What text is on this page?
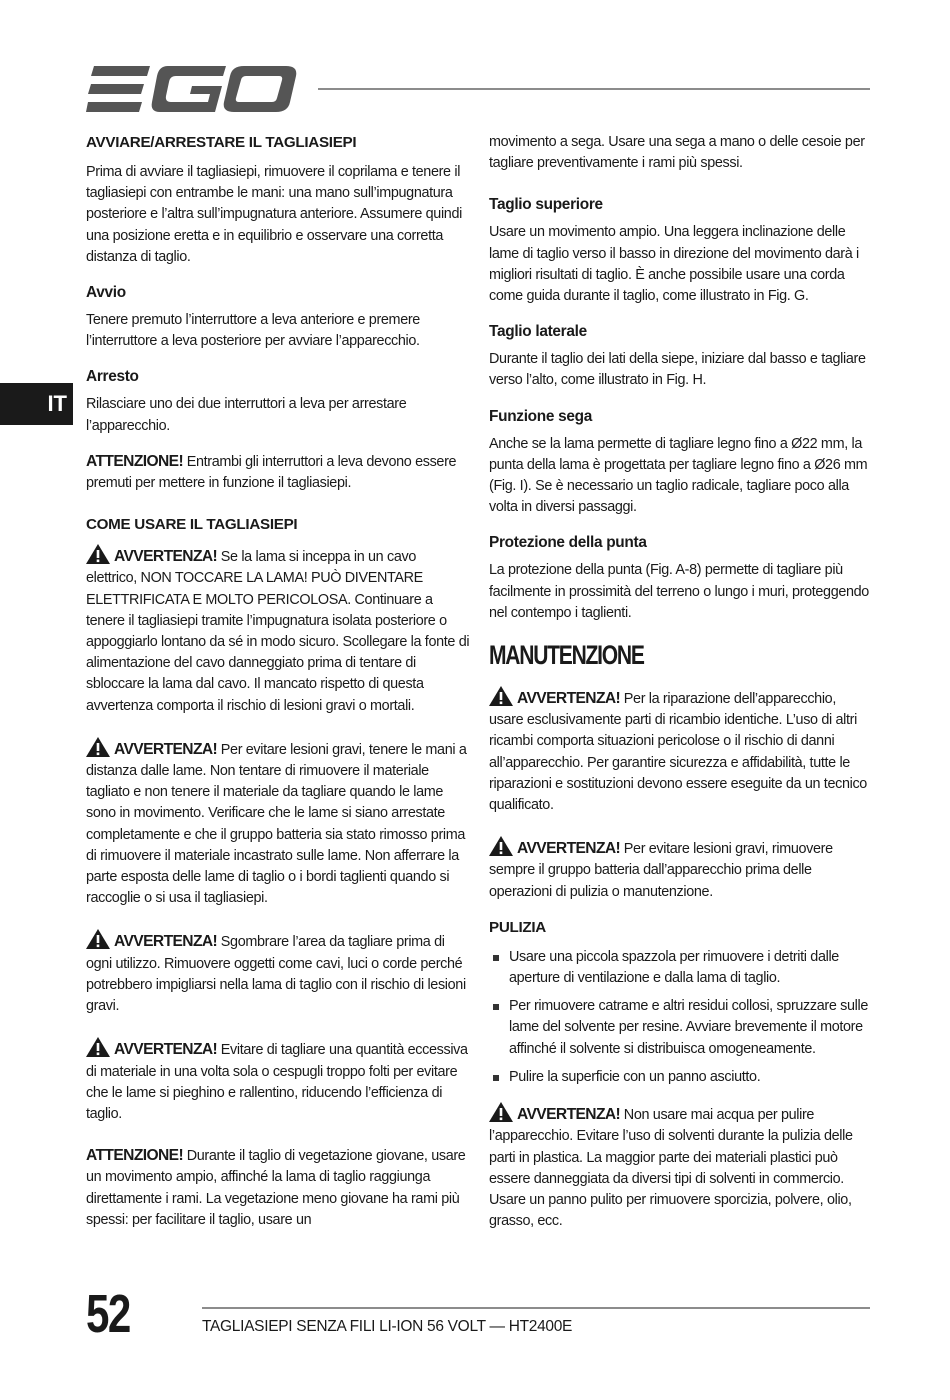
IT
AVVIARE/ARRESTARE IL TAGLIASIEPI

Prima di avviare il tagliasiepi, rimuovere il coprilama e tenere il tagliasiepi con entrambe le mani: una mano sull’impugnatura posteriore e l’altra sull’impugnatura anteriore. Assumere quindi una posizione eretta e in equilibrio e osservare una corretta distanza di taglio.

Avvio

Tenere premuto l’interruttore a leva anteriore e premere l’interruttore a leva posteriore per avviare l’apparecchio.

Arresto

Rilasciare uno dei due interruttori a leva per arrestare l’apparecchio.

ATTENZIONE! Entrambi gli interruttori a leva devono essere premuti per mettere in funzione il tagliasiepi.

COME USARE IL TAGLIASIEPI

AVVERTENZA! Se la lama si inceppa in un cavo elettrico, NON TOCCARE LA LAMA! PUÒ DIVENTARE ELETTRIFICATA E MOLTO PERICOLOSA. Continuare a tenere il tagliasiepi tramite l’impugnatura isolata posteriore o appoggiarlo lontano da sé in modo sicuro. Scollegare la fonte di alimentazione del cavo danneggiato prima di tentare di sbloccare la lama dal cavo. Il mancato rispetto di questa avvertenza comporta il rischio di lesioni gravi o mortali.

AVVERTENZA! Per evitare lesioni gravi, tenere le mani a distanza dalle lame. Non tentare di rimuovere il materiale tagliato e non tenere il materiale da tagliare quando le lame sono in movimento. Verificare che le lame si siano arrestate completamente e che il gruppo batteria sia stato rimosso prima di rimuovere il materiale incastrato sulle lame. Non afferrare la parte esposta delle lame di taglio o i bordi taglienti quando si raccoglie o si usa il tagliasiepi.

AVVERTENZA! Sgombrare l’area da tagliare prima di ogni utilizzo. Rimuovere oggetti come cavi, luci o corde perché potrebbero impigliarsi nella lama di taglio con il rischio di lesioni gravi.

AVVERTENZA! Evitare di tagliare una quantità eccessiva di materiale in una volta sola o cespugli troppo folti per evitare che le lame si pieghino e rallentino, riducendo l’efficienza di taglio.

ATTENZIONE! Durante il taglio di vegetazione giovane, usare un movimento ampio, affinché la lama di taglio raggiunga direttamente i rami. La vegetazione meno giovane ha rami più spessi: per facilitare il taglio, usare un

movimento a sega. Usare una sega a mano o delle cesoie per tagliare preventivamente i rami più spessi.

Taglio superiore

Usare un movimento ampio. Una leggera inclinazione delle lame di taglio verso il basso in direzione del movimento darà i migliori risultati di taglio. È anche possibile usare una corda come guida durante il taglio, come illustrato in Fig. G.

Taglio laterale

Durante il taglio dei lati della siepe, iniziare dal basso e tagliare verso l’alto, come illustrato in Fig. H.

Funzione sega

Anche se la lama permette di tagliare legno fino a Ø22 mm, la punta della lama è progettata per tagliare legno fino a Ø26 mm (Fig. I). Se è necessario un taglio radicale, tagliare poco alla volta in diversi passaggi.

Protezione della punta

La protezione della punta (Fig. A-8) permette di tagliare più facilmente in prossimità del terreno o lungo i muri, proteggendo nel contempo i taglienti.

MANUTENZIONE

AVVERTENZA! Per la riparazione dell’apparecchio, usare esclusivamente parti di ricambio identiche. L’uso di altri ricambi comporta situazioni pericolose o il rischio di danni all’apparecchio. Per garantire sicurezza e affidabilità, tutte le riparazioni e sostituzioni devono essere eseguite da un tecnico qualificato.

AVVERTENZA! Per evitare lesioni gravi, rimuovere sempre il gruppo batteria dall’apparecchio prima delle operazioni di pulizia o manutenzione.

PULIZIA
Usare una piccola spazzola per rimuovere i detriti dalle aperture di ventilazione e dalla lama di taglio.
Per rimuovere catrame e altri residui collosi, spruzzare sulle lame del solvente per resine. Avviare brevemente il motore affinché il solvente si distribuisca omogeneamente.
Pulire la superficie con un panno asciutto.

AVVERTENZA! Non usare mai acqua per pulire l’apparecchio. Evitare l’uso di solventi durante la pulizia delle parti in plastica. La maggior parte dei materiali plastici può essere danneggiata da diversi tipi di solventi in commercio. Usare un panno pulito per rimuovere sporcizia, polvere, olio, grasso, ecc.

52	TAGLIASIEPI SENZA FILI LI-ION 56 VOLT — HT2400E
